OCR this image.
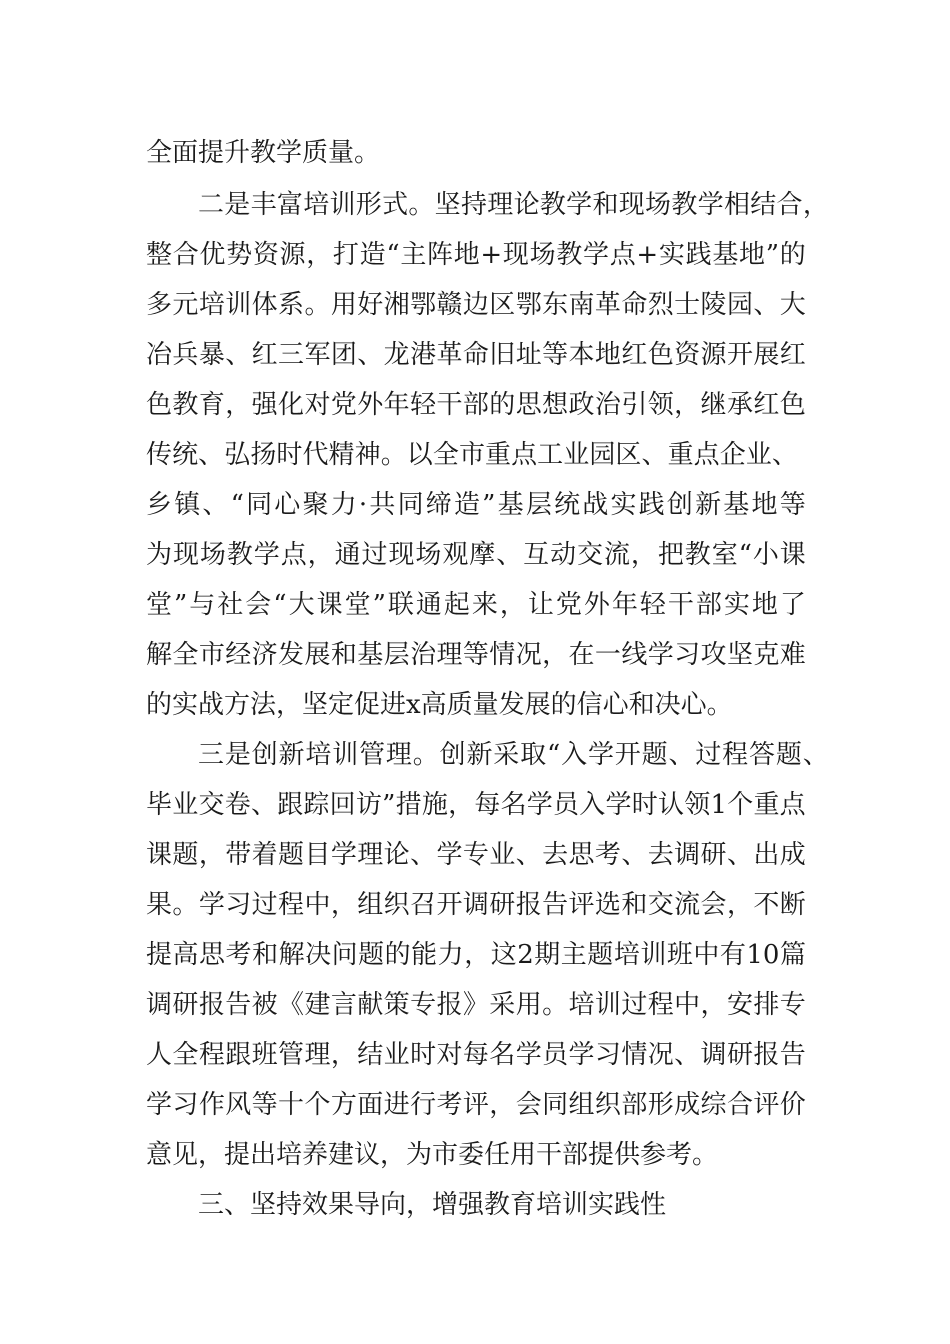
全面提升教学质量。
二 是 丰 富 培 训 形 式 。 坚 持 理 论 教 学 和 现 场 教 学 相 结 合 ，
整 合 优 势 资 源 ， 打 造 “ 主 阵 地 + 现 场 教 学 点 + 实 践 基 地 ” 的
多 元 培 训 体 系 。 用 好 湘 鄂 赣 边 区 鄂 东 南 革 命 烈 士 陵 园 、 大
冶 兵 暴 、 红 三 军 团 、 龙 港 革 命 旧 址 等 本 地 红 色 资 源 开 展 红
色 教 育 ， 强 化 对 党 外 年 轻 干 部 的 思 想 政 治 引 领 ， 继 承 红 色
传 统 、 弘 扬 时 代 精 神 。 以 全 市 重 点 工 业 园 区 、 重 点 企 业 、
乡 镇 、 “ 同 心 聚 力 · 共 同 缔 造 ” 基 层 统 战 实 践 创 新 基 地 等
为 现 场 教 学 点 ， 通 过 现 场 观 摩 、 互 动 交 流 ， 把 教 室 “ 小 课
堂 ” 与 社 会 “ 大 课 堂 ” 联 通 起 来 ， 让 党 外 年 轻 干 部 实 地 了
解 全 市 经 济 发 展 和 基 层 治 理 等 情 况 ， 在 一 线 学 习 攻 坚 克 难
的实战方法，坚定促进x高质量发展的信心和决心。
三 是 创 新 培 训 管 理 。 创 新 采 取 “ 入 学 开 题 、 过 程 答 题 、
毕 业 交 卷 、 跟 踪 回 访 ” 措 施 ， 每 名 学 员 入 学 时 认 领 1 个 重 点
课 题 ， 带 着 题 目 学 理 论 、 学 专 业 、 去 思 考 、 去 调 研 、 出 成
果 。 学 习 过 程 中 ， 组 织 召 开 调 研 报 告 评 选 和 交 流 会 ， 不 断
提 高 思 考 和 解 决 问 题 的 能 力 ， 这 2 期 主 题 培 训 班 中 有 10 篇
调 研 报 告 被 《 建 言 献 策 专 报 》 采 用 。 培 训 过 程 中 ， 安 排 专
人 全 程 跟 班 管 理 ， 结 业 时 对 每 名 学 员 学 习 情 况 、 调 研 报 告
学 习 作 风 等 十 个 方 面 进 行 考 评 ， 会 同 组 织 部 形 成 综 合 评 价
意见，提出培养建议，为市委任用干部提供参考。
三、坚持效果导向，增强教育培训实践性
